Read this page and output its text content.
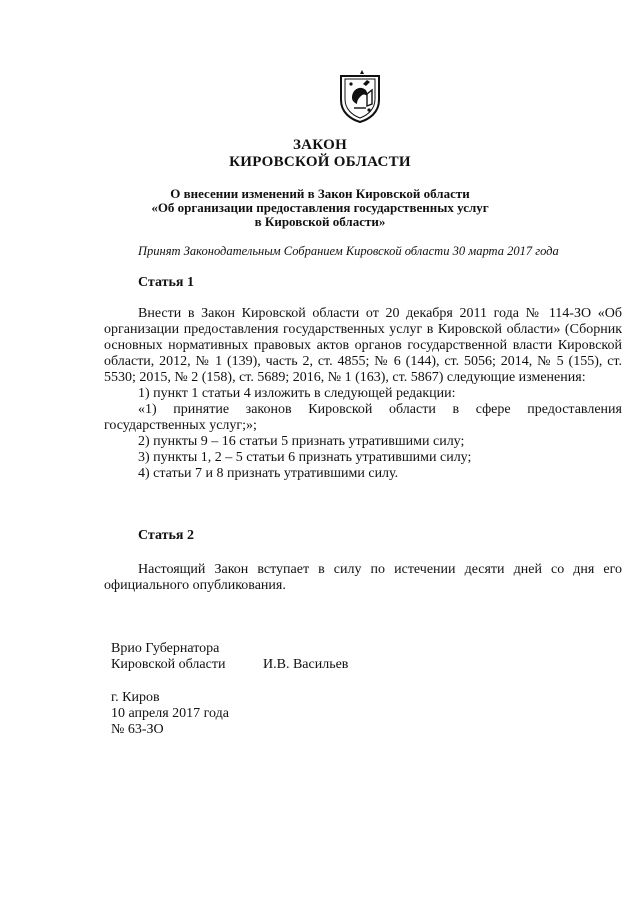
ЗАКОН
КИРОВСКОЙ ОБЛАСТИ
О внесении изменений в Закон Кировской области
«Об организации предоставления государственных услуг
в Кировской области»
Принят Законодательным Собранием Кировской области 30 марта 2017 года
Статья 1

Внести в Закон Кировской области от 20 декабря 2011 года № 114-ЗО «Об организации предоставления государственных услуг в Кировской области» (Сборник основных нормативных правовых актов органов государственной власти Кировской области, 2012, № 1 (139), часть 2, ст. 4855; № 6 (144), ст. 5056; 2014, № 5 (155), ст. 5530; 2015, № 2 (158), ст. 5689; 2016, № 1 (163), ст. 5867) следующие изменения:

1) пункт 1 статьи 4 изложить в следующей редакции:

«1) принятие законов Кировской области в сфере предоставления государственных услуг;»;

2) пункты 9 – 16 статьи 5 признать утратившими силу;

3) пункты 1, 2 – 5 статьи 6 признать утратившими силу;

4) статьи 7 и 8 признать утратившими силу.

Статья 2

Настоящий Закон вступает в силу по истечении десяти дней со дня его официального опубликования.

Врио Губернатора
Кировской области	И.В. Васильев
г. Киров
10 апреля 2017 года
№ 63-ЗО
